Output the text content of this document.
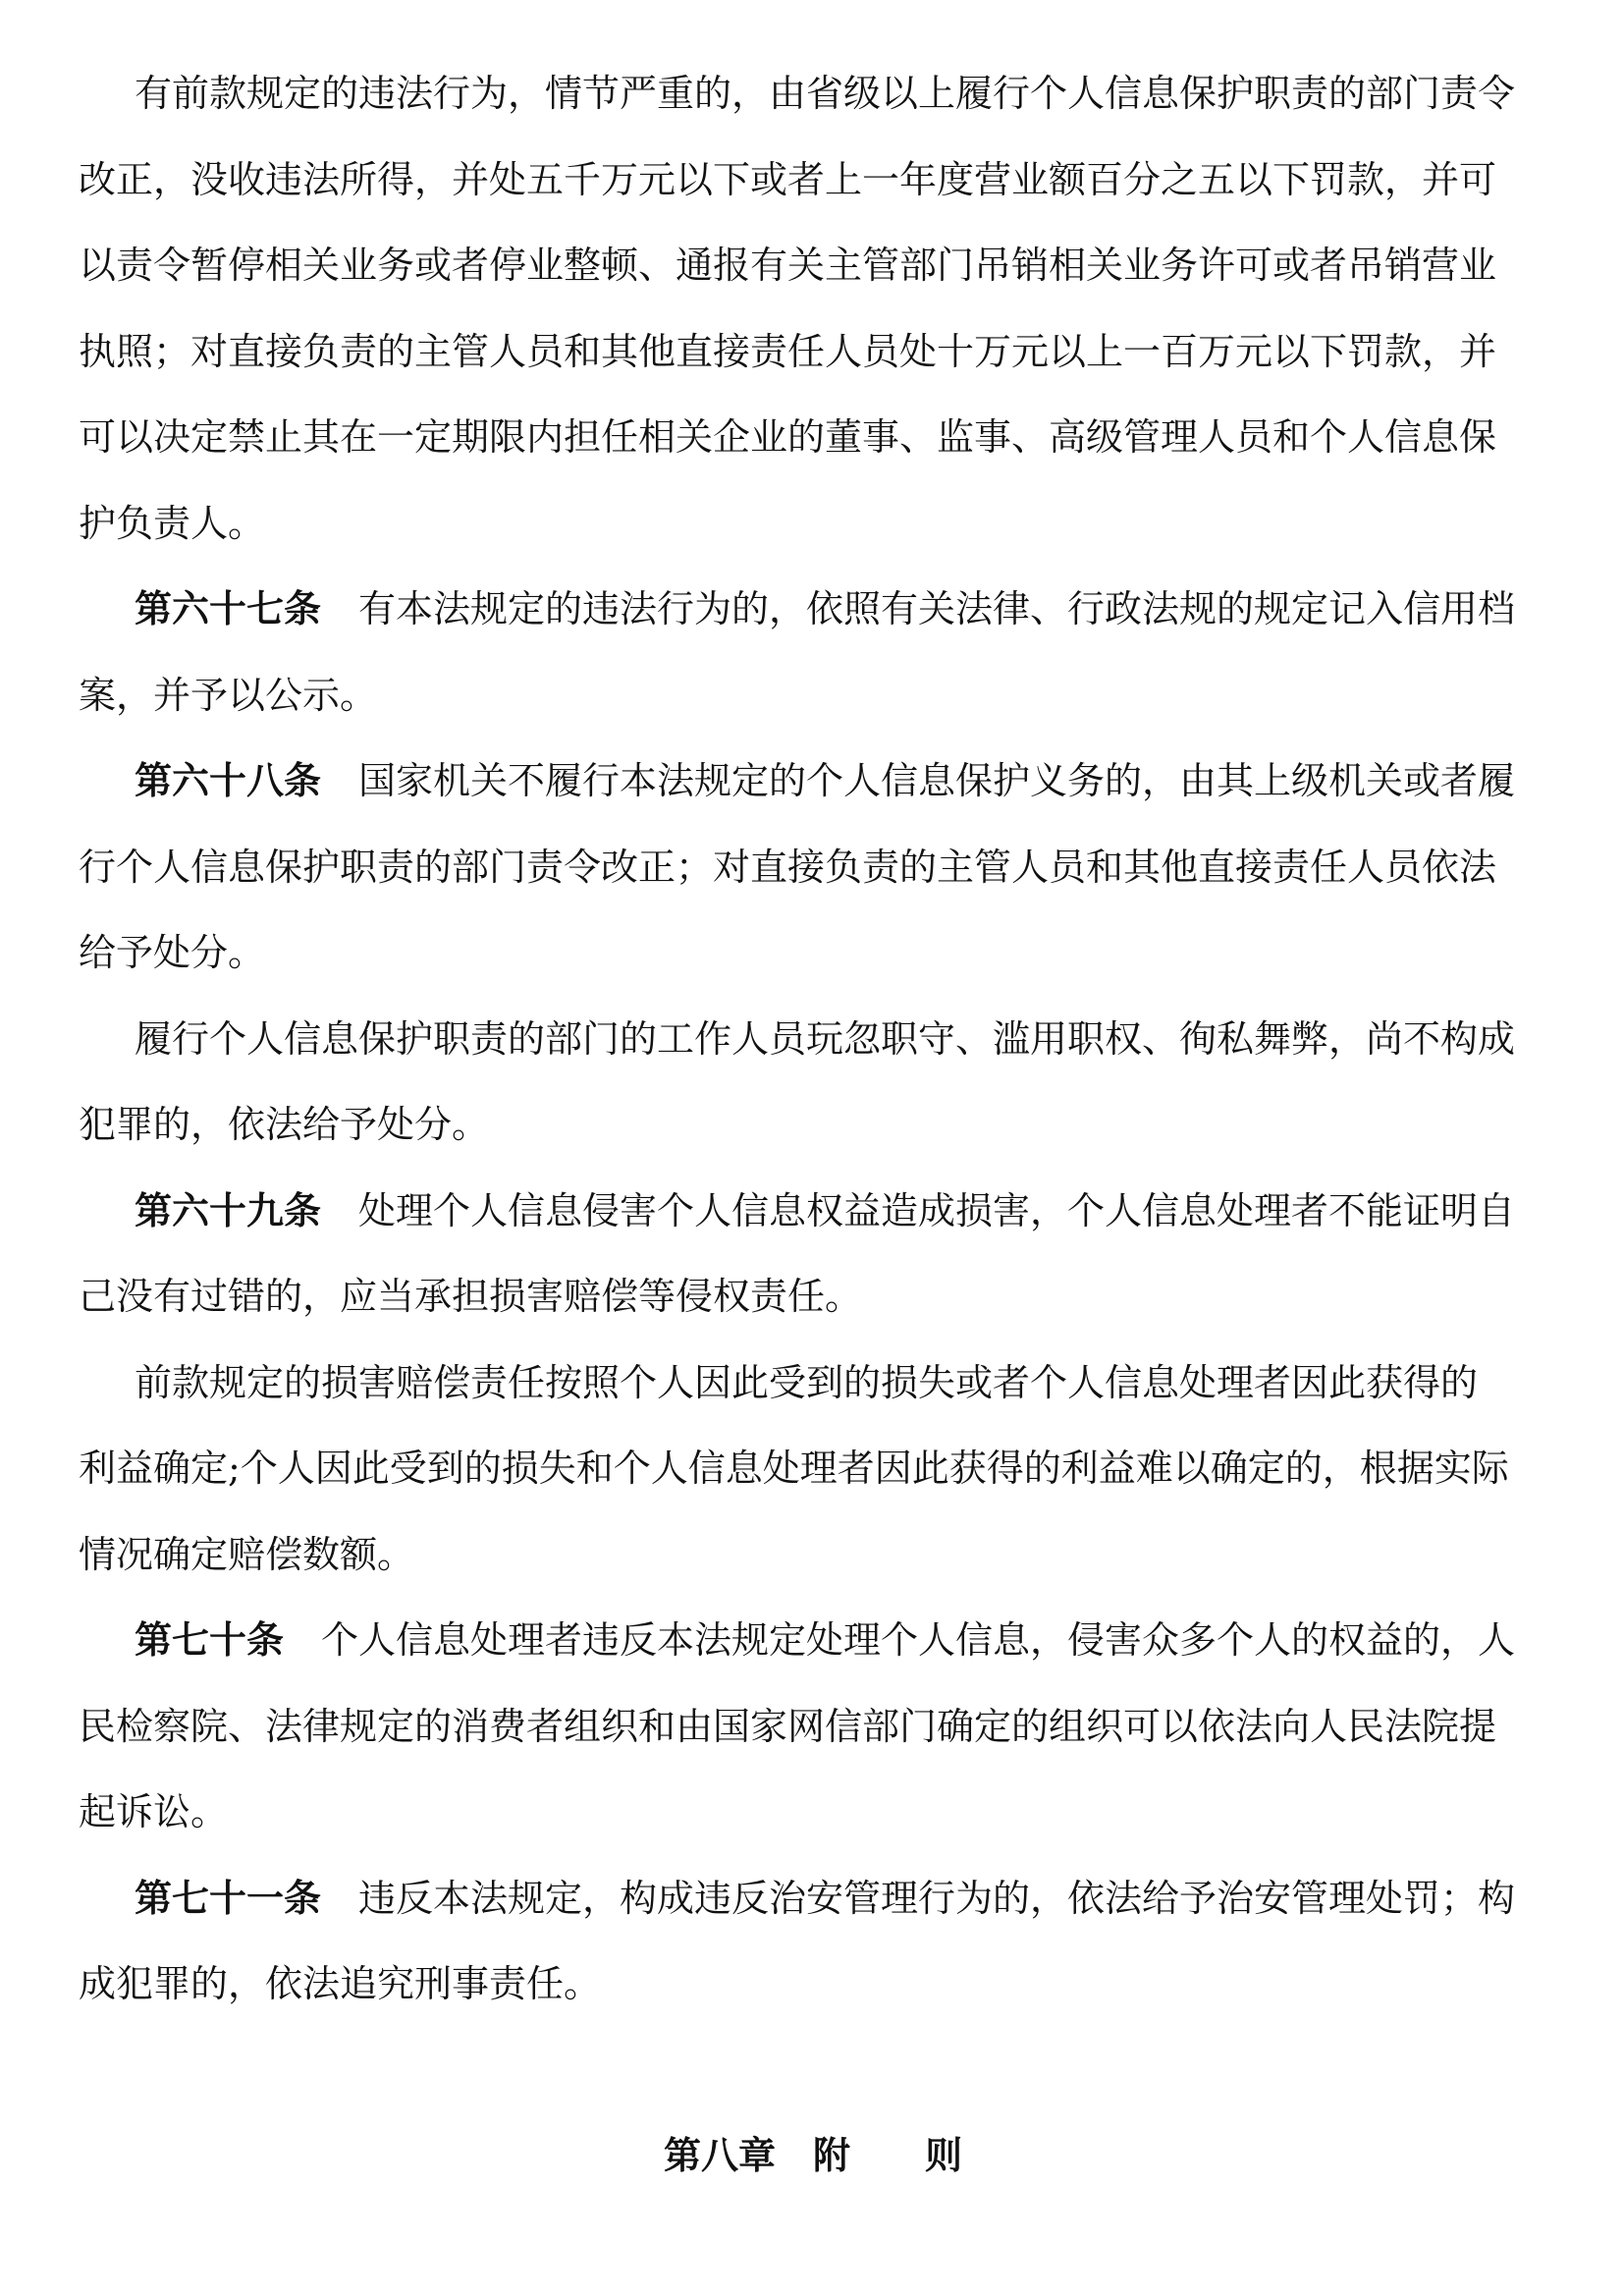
有前款规定的违法行为，情节严重的，由省级以上履行个人信息保护职责的部门责令
改正，没收违法所得，并处五千万元以下或者上一年度营业额百分之五以下罚款，并可
以责令暂停相关业务或者停业整顿、通报有关主管部门吊销相关业务许可或者吊销营业
执照；对直接负责的主管人员和其他直接责任人员处十万元以上一百万元以下罚款，并
可以决定禁止其在一定期限内担任相关企业的董事、监事、高级管理人员和个人信息保
护负责人。
第六十七条 有本法规定的违法行为的，依照有关法律、行政法规的规定记入信用档
案，并予以公示。
第六十八条 国家机关不履行本法规定的个人信息保护义务的，由其上级机关或者履
行个人信息保护职责的部门责令改正；对直接负责的主管人员和其他直接责任人员依法
给予处分。
履行个人信息保护职责的部门的工作人员玩忽职守、滥用职权、徇私舞弊，尚不构成
犯罪的，依法给予处分。
第六十九条 处理个人信息侵害个人信息权益造成损害，个人信息处理者不能证明自
己没有过错的，应当承担损害赔偿等侵权责任。
前款规定的损害赔偿责任按照个人因此受到的损失或者个人信息处理者因此获得的
利益确定;个人因此受到的损失和个人信息处理者因此获得的利益难以确定的，根据实际
情况确定赔偿数额。
第七十条 个人信息处理者违反本法规定处理个人信息，侵害众多个人的权益的，人
民检察院、法律规定的消费者组织和由国家网信部门确定的组织可以依法向人民法院提
起诉讼。
第七十一条 违反本法规定，构成违反治安管理行为的，依法给予治安管理处罚；构
成犯罪的，依法追究刑事责任。
第八章　附　　则
